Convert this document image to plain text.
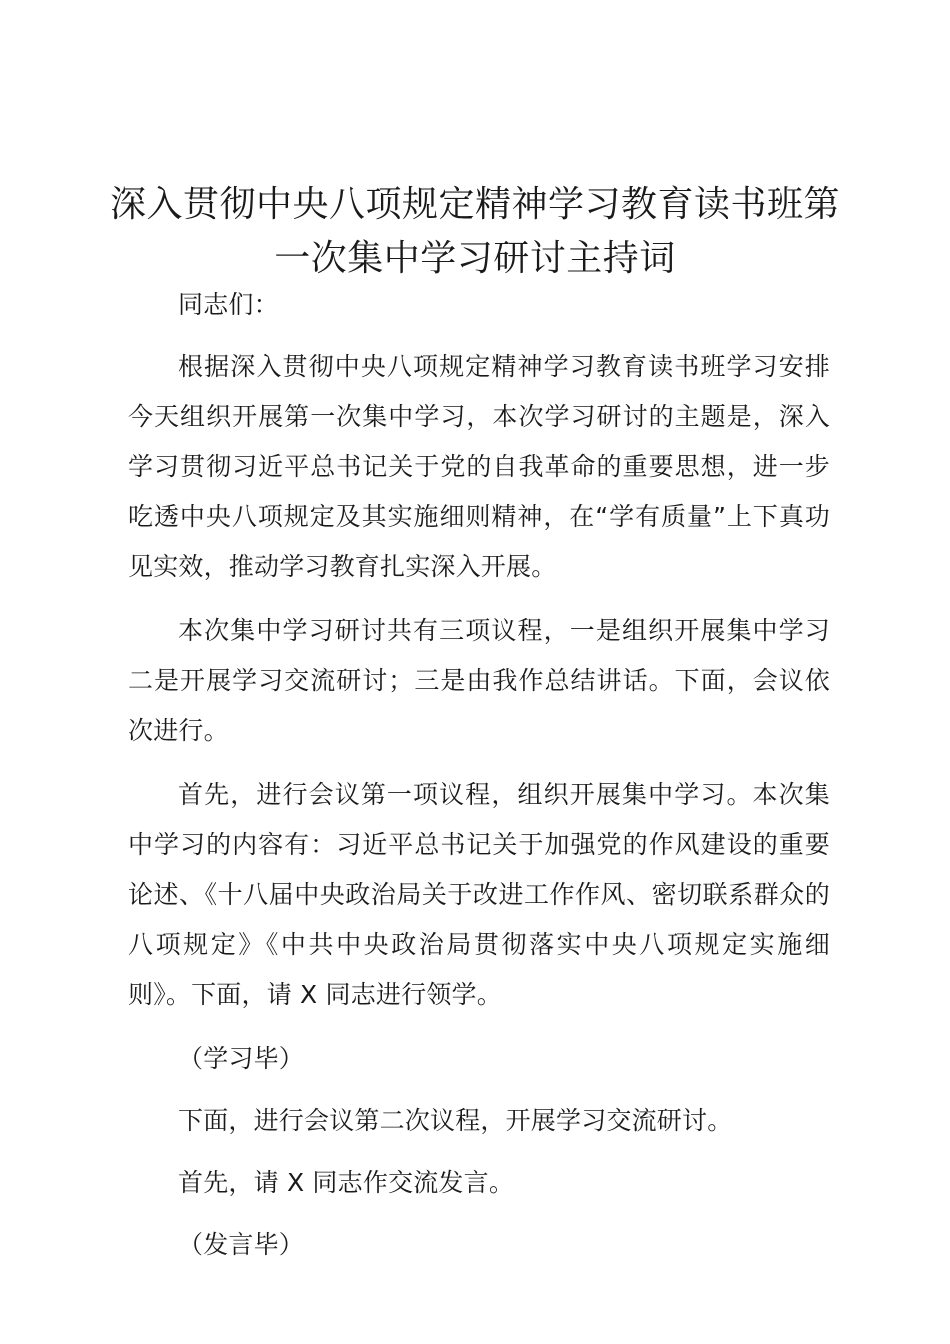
深入贯彻中央八项规定精神学习教育读书班第一次集中学习研讨主持词

同志们：

根据深入贯彻中央八项规定精神学习教育读书班学习安排今天组织开展第一次集中学习，本次学习研讨的主题是，深入学习贯彻习近平总书记关于党的自我革命的重要思想，进一步吃透中央八项规定及其实施细则精神，在“学有质量”上下真功见实效，推动学习教育扎实深入开展。

本次集中学习研讨共有三项议程，一是组织开展集中学习二是开展学习交流研讨；三是由我作总结讲话。下面，会议依次进行。

首先，进行会议第一项议程，组织开展集中学习。本次集中学习的内容有：习近平总书记关于加强党的作风建设的重要论述、《十八届中央政治局关于改进工作作风、密切联系群众的八项规定》《中共中央政治局贯彻落实中央八项规定实施细则》。下面，请 X 同志进行领学。

（学习毕）

下面，进行会议第二次议程，开展学习交流研讨。

首先，请 X 同志作交流发言。

（发言毕）
